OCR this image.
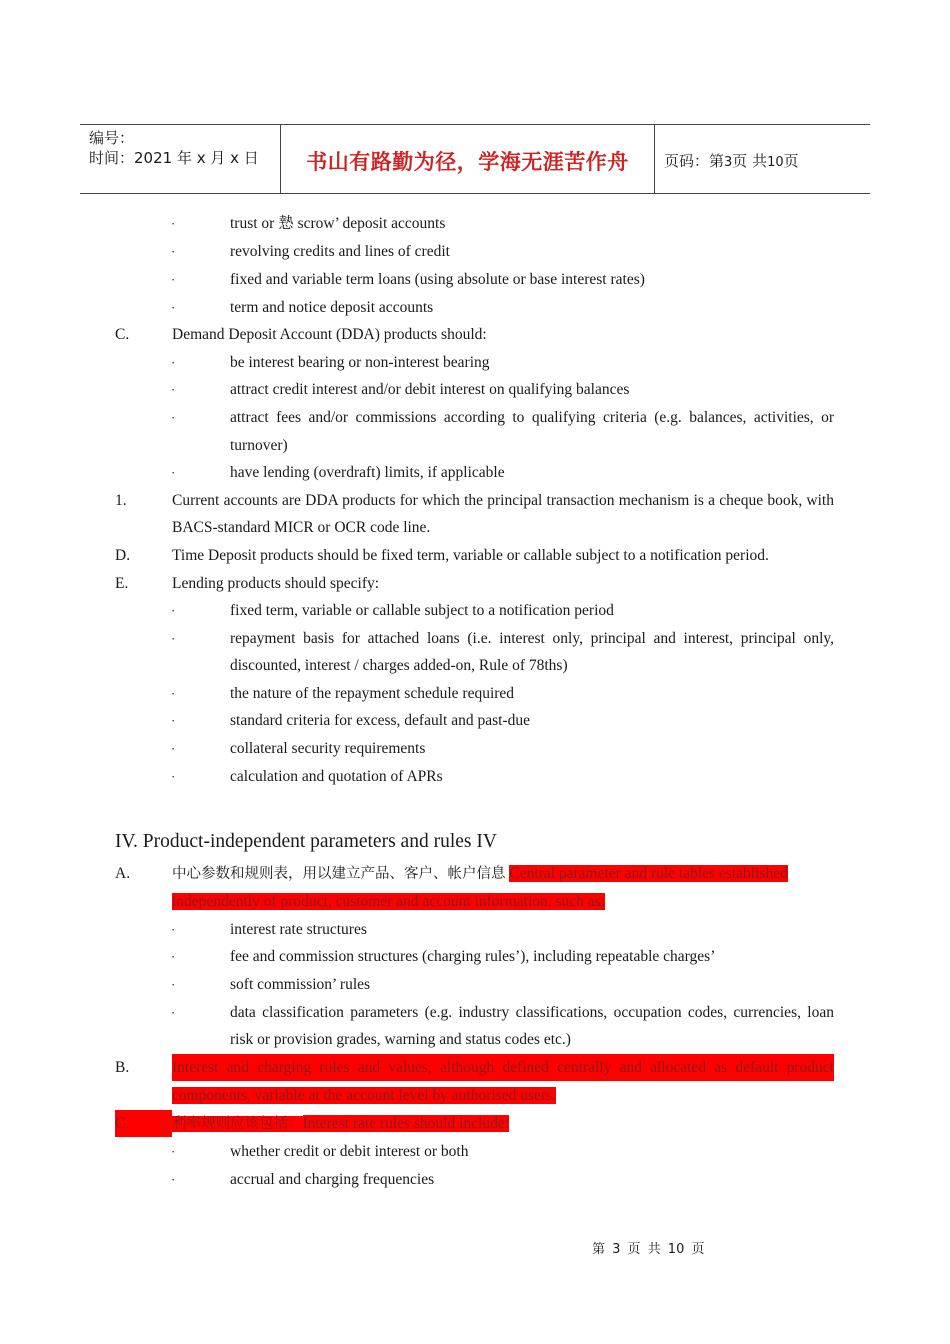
编号：
时间：2021 年 x 月 x 日	书山有路勤为径，学海无涯苦作舟	页码：第3页 共10页
·	trust or 慹 scrow’ deposit accounts
·	revolving credits and lines of credit
·	fixed and variable term loans (using absolute or base interest rates)
·	term and notice deposit accounts
C.	Demand Deposit Account (DDA) products should:
·	be interest bearing or non-interest bearing
·	attract credit interest and/or debit interest on qualifying balances
·	attract fees and/or commissions according to qualifying criteria (e.g. balances, activities, or
turnover)
·	have lending (overdraft) limits, if applicable
1.	Current accounts are DDA products for which the principal transaction mechanism is a cheque book, with
BACS-standard MICR or OCR code line.
D.	Time Deposit products should be fixed term, variable or callable subject to a notification period.
E.	Lending products should specify:
·	fixed term, variable or callable subject to a notification period
·	repayment basis for attached loans (i.e. interest only, principal and interest, principal only,
discounted, interest / charges added-on, Rule of 78ths)
·	the nature of the repayment schedule required
·	standard criteria for excess, default and past-due
·	collateral security requirements
·	calculation and quotation of APRs
IV. Product-independent parameters and rules IV
A.	中心参数和规则表，用以建立产品、客户、帐户信息 Central parameter and rule tables established
independently of product, customer and account information, such as:
·	interest rate structures
·	fee and commission structures (charging rules’), including repeatable charges’
·	soft commission’ rules
·	data classification parameters (e.g. industry classifications, occupation codes, currencies, loan
risk or provision grades, warning and status codes etc.)
B.	Interest and charging rules and values, although defined centrally and allocated as default product
components, variable at the account level by authorised users.
C.	利率规则应该包括：Interest rate rules should include:
·	whether credit or debit interest or both
·	accrual and charging frequencies
第 3 页 共 10 页
